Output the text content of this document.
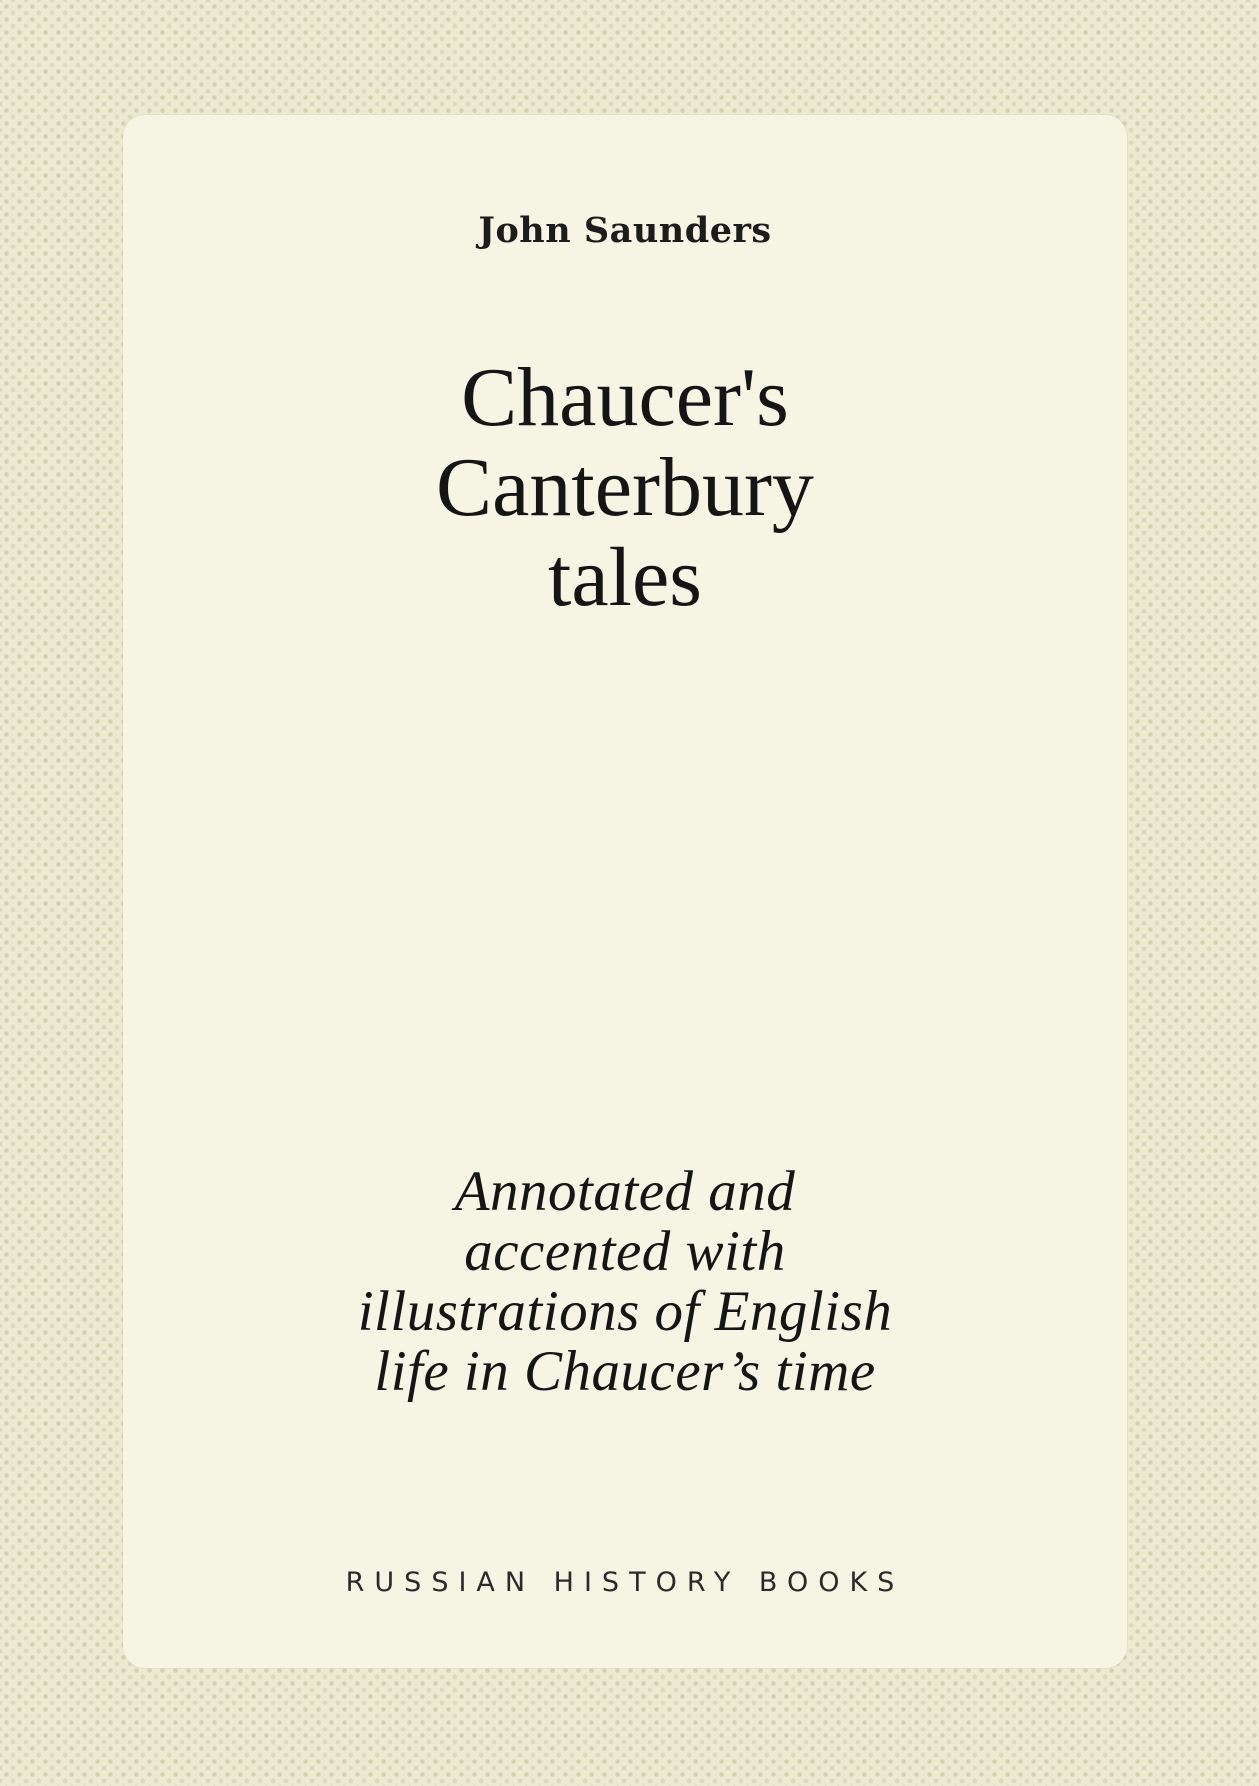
John Saunders
Chaucer's
Canterbury
tales
Annotated and
accented with
illustrations of English
life in Chaucer’s time
RUSSIAN HISTORY BOOKS
